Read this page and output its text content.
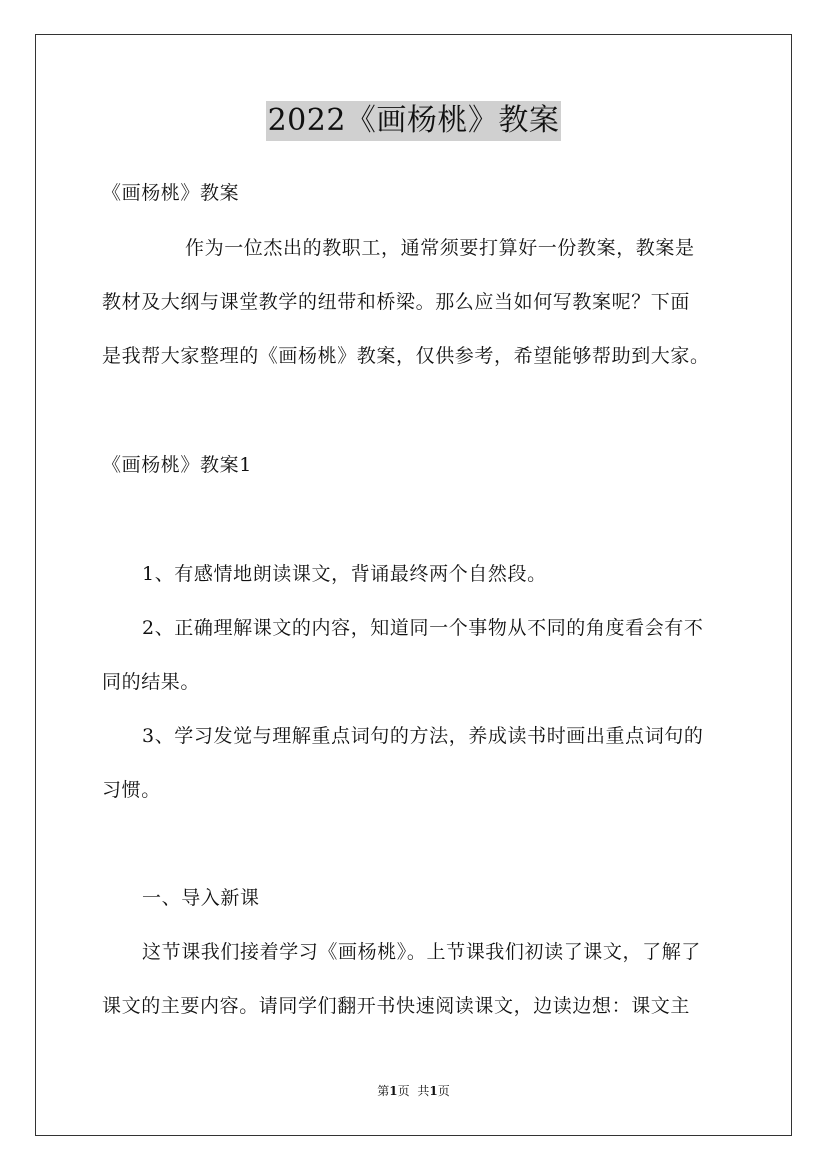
2022《画杨桃》教案
《画杨桃》教案
作为一位杰出的教职工，通常须要打算好一份教案，教案是
教材及大纲与课堂教学的纽带和桥梁。那么应当如何写教案呢？下面
是我帮大家整理的《画杨桃》教案，仅供参考，希望能够帮助到大家。
《画杨桃》教案1
1、有感情地朗读课文，背诵最终两个自然段。
2、正确理解课文的内容，知道同一个事物从不同的角度看会有不
同的结果。
3、学习发觉与理解重点词句的方法，养成读书时画出重点词句的
习惯。
一、导入新课
这节课我们接着学习《画杨桃》。上节课我们初读了课文，了解了
课文的主要内容。请同学们翻开书快速阅读课文，边读边想：课文主
第1页 共1页
